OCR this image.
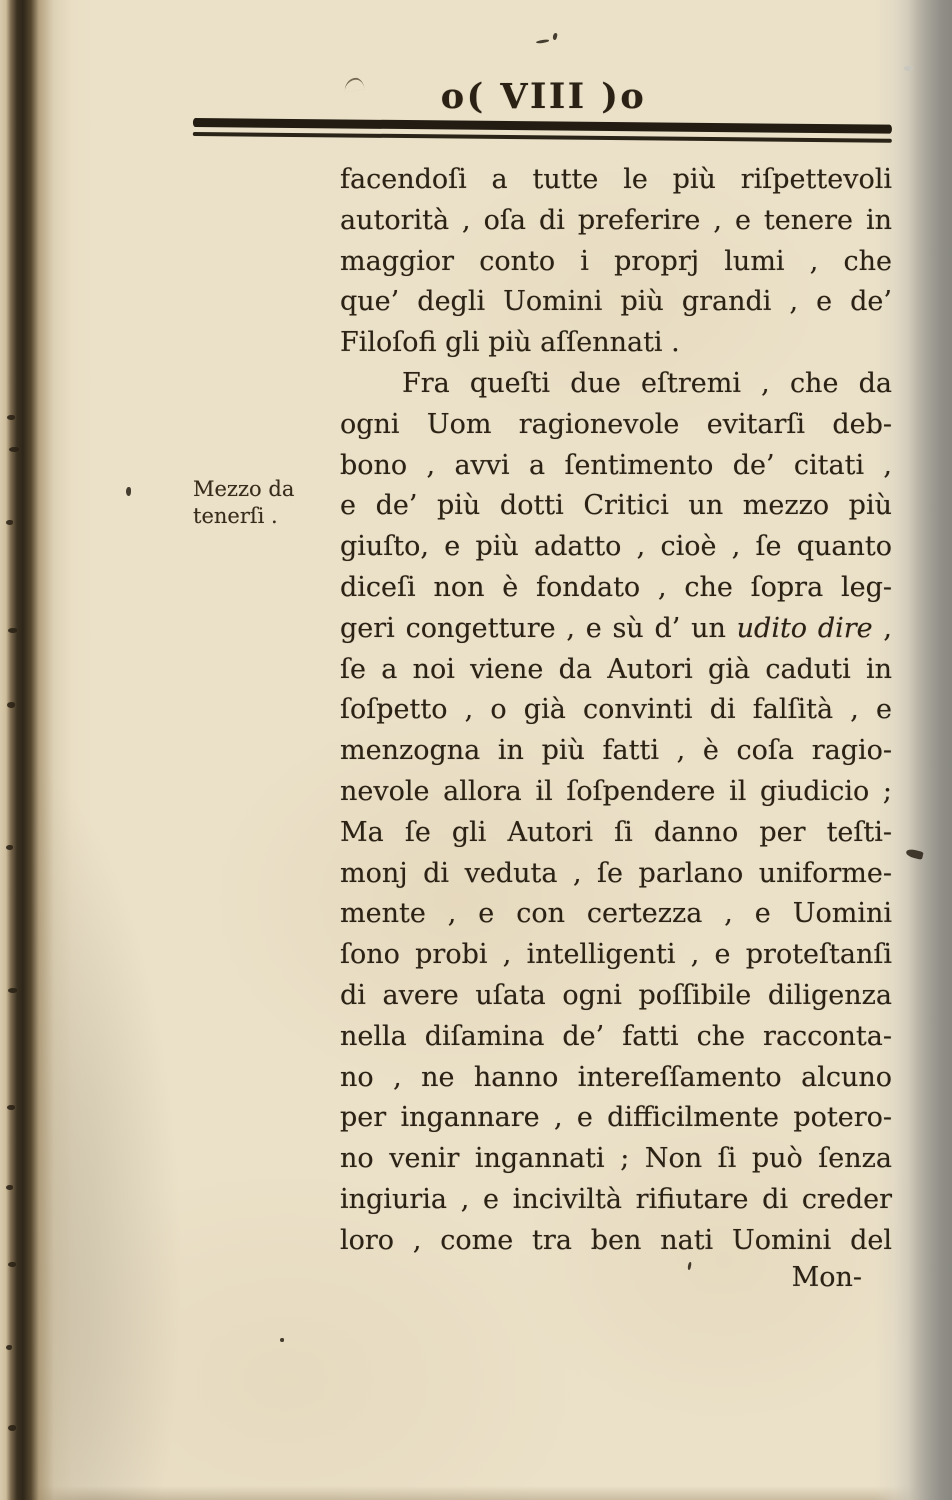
o( VIII )o
Mezzo da
tenerſi .
facendoſi a tutte le più riſpettevoli
autorità , oſa di preferire , e tenere in
maggior conto i proprj lumi , che
que’ degli Uomini più grandi , e de’
Filoſofi gli più aſſennati .
Fra queſti due eſtremi , che da
ogni Uom ragionevole evitarſi deb-
bono , avvi a ſentimento de’ citati ,
e de’ più dotti Critici un mezzo più
giuſto, e più adatto , cioè , ſe quanto
diceſi non è fondato , che ſopra leg-
geri congetture , e sù d’ un udito dire ,
ſe a noi viene da Autori già caduti in
ſoſpetto , o già convinti di falſità , e
menzogna in più fatti , è coſa ragio-
nevole allora il ſoſpendere il giudicio ;
Ma ſe gli Autori ſi danno per teſti-
monj di veduta , ſe parlano uniforme-
mente , e con certezza , e Uomini
ſono probi , intelligenti , e proteſtanſi
di avere uſata ogni poſſibile diligenza
nella diſamina de’ fatti che racconta-
no , ne hanno intereſſamento alcuno
per ingannare , e difficilmente potero-
no venir ingannati ; Non ſi può ſenza
ingiuria , e inciviltà rifiutare di creder
loro , come tra ben nati Uomini del
Mon-
